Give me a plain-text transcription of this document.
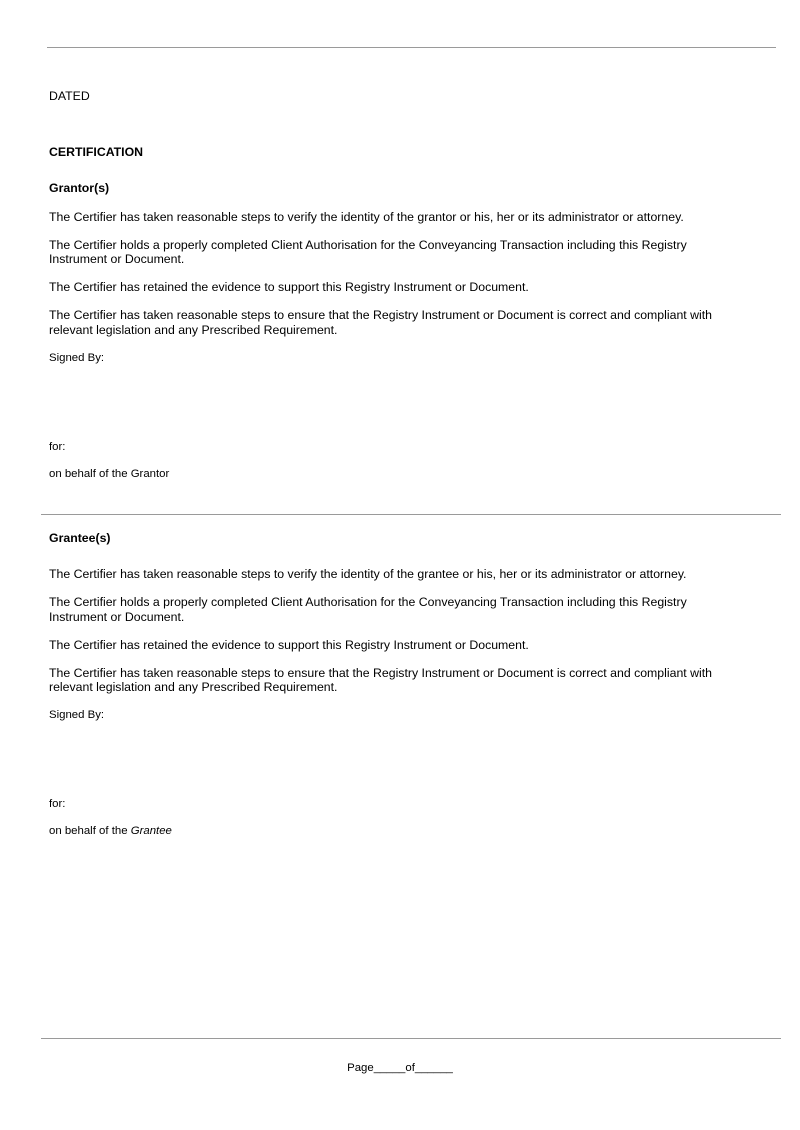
DATED

CERTIFICATION

Grantor(s)

The Certifier has taken reasonable steps to verify the identity of the grantor or his, her or its administrator or attorney.

The Certifier holds a properly completed Client Authorisation for the Conveyancing Transaction including this Registry

Instrument or Document.

The Certifier has retained the evidence to support this Registry Instrument or Document.

The Certifier has taken reasonable steps to ensure that the Registry Instrument or Document is correct and compliant with

relevant legislation and any Prescribed Requirement.

Signed By:

for:

on behalf of the Grantor

Grantee(s)

The Certifier has taken reasonable steps to verify the identity of the grantee or his, her or its administrator or attorney.

The Certifier holds a properly completed Client Authorisation for the Conveyancing Transaction including this Registry

Instrument or Document.

The Certifier has retained the evidence to support this Registry Instrument or Document.

The Certifier has taken reasonable steps to ensure that the Registry Instrument or Document is correct and compliant with

relevant legislation and any Prescribed Requirement.

Signed By:

for:

on behalf of the Grantee

Page_____of______
